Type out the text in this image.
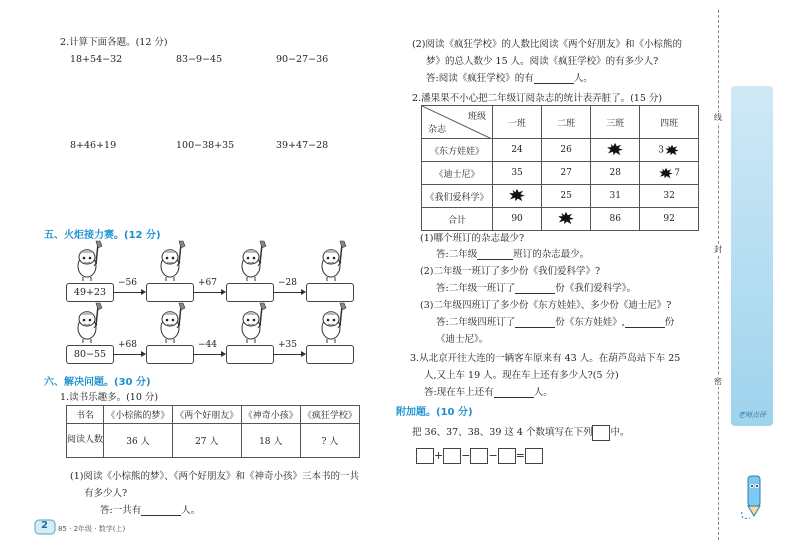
2.计算下面各题。(12 分)
18+54−32	83−9−45	90−27−36
8+46+19	100−38+35	39+47−28
五、火炬接力赛。(12 分)
49+23
−56	+67	−28
80−55
+68	−44	+35
六、解决问题。(30 分)
1.读书乐趣多。(10 分)
书名	《小棕熊的梦》	《两个好朋友》	《神奇小孩》	《疯狂学校》
阅读人数	36 人	27 人	18 人	? 人
(1)阅读《小棕熊的梦》、《两个好朋友》和《神奇小孩》三本书的一共
有多少人?
答:一共有	人。
2 85 · 2年级 · 数学(上)
(2)阅读《疯狂学校》的人数比阅读《两个好朋友》和《小棕熊的
梦》的总人数少 15 人。阅读《疯狂学校》的有多少人?
答:阅读《疯狂学校》的有	人。
2.潘果果不小心把二年级订阅杂志的统计表弄脏了。(15 分)
班级
杂志	一班	二班	三班	四班
《东方娃娃》	24	26		3
《迪士尼》	35	27	28	7
《我们爱科学》		25	31	32
合计	90		86	92
(1)哪个班订的杂志最少?
答:二年级	班订的杂志最少。
(2)二年级一班订了多少份《我们爱科学》?
答:二年级一班订了	份《我们爱科学》。
(3)二年级四班订了多少份《东方娃娃》、多少份《迪士尼》?
答:二年级四班订了	份《东方娃娃》,	份
《迪士尼》。
3.从北京开往大连的一辆客车原来有 43 人。在葫芦岛站下车 25
人,又上车 19 人。现在车上还有多少人?(5 分)
答:现在车上还有	人。
附加题。(10 分)
把 36、37、38、39 这 4 个数填写在下列 中。
+ − − =
线
封
密
老师点评
